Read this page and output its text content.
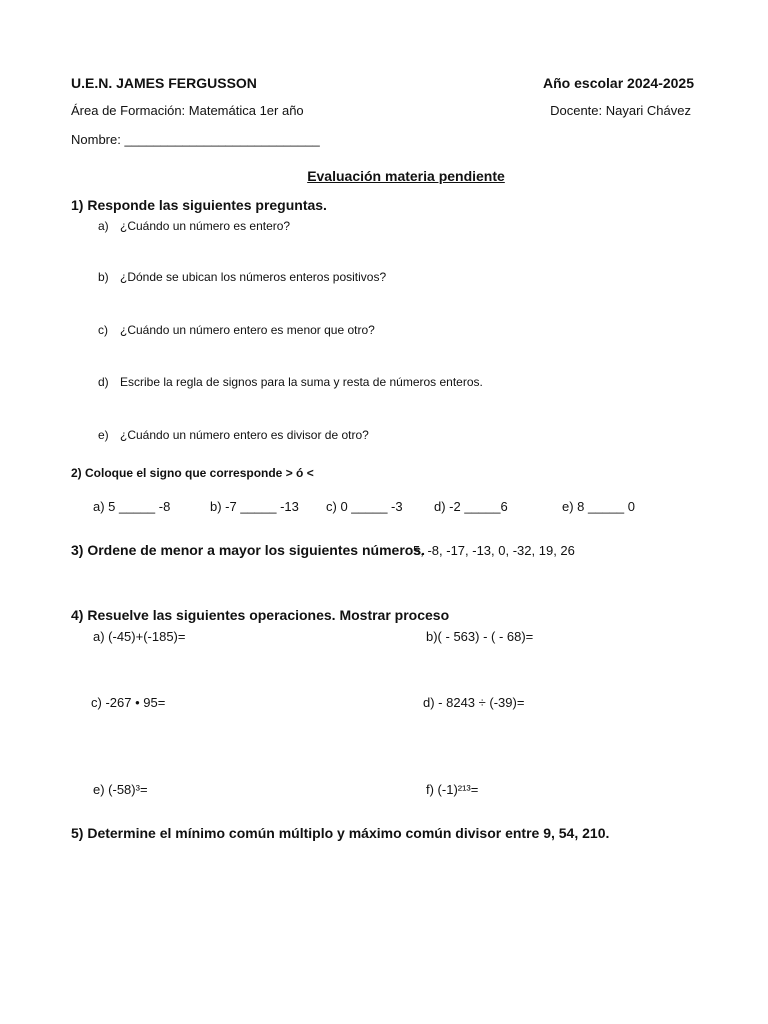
U.E.N. JAMES FERGUSSON	Año escolar 2024-2025
Área de Formación: Matemática 1er año	Docente: Nayari Chávez
Nombre: ___________________________
Evaluación materia pendiente
1) Responde las siguientes preguntas.
a) ¿Cuándo un número es entero?
b) ¿Dónde se ubican los números enteros positivos?
c) ¿Cuándo un número entero es menor que otro?
d) Escribe la regla de signos para la suma y resta de números enteros.
e) ¿Cuándo un número entero es divisor de otro?
2) Coloque el signo que corresponde > ó <
a) 5 _____ -8	b) -7 _____ -13 c) 0 _____ -3 d) -2 _____6	e) 8 _____ 0
3) Ordene de menor a mayor los siguientes números.
5, -8, -17, -13, 0, -32, 19, 26
4) Resuelve las siguientes operaciones. Mostrar proceso
a) (-45)+(-185)=	b)( - 563) - ( - 68)=
c) -267 • 95=	d) - 8243 ÷ (-39)=
e) (-58)³=	f) (-1)²¹³=
5) Determine el mínimo común múltiplo y máximo común divisor entre 9, 54, 210.
